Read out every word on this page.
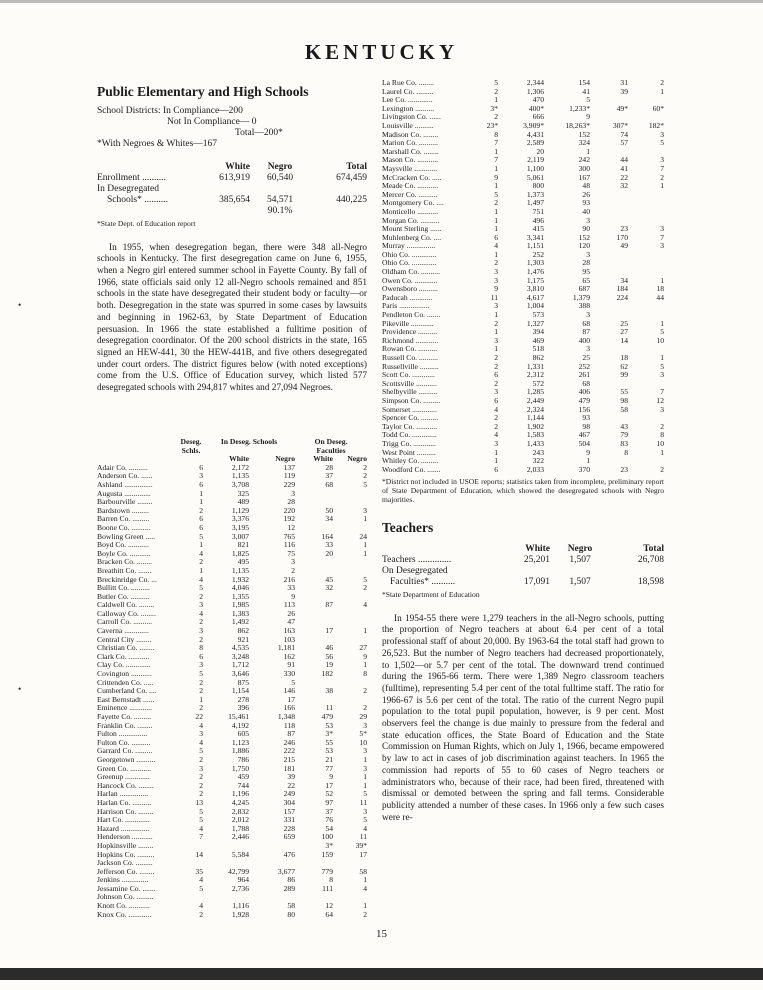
KENTUCKY
Public Elementary and High Schools
School Districts: In Compliance—200
Not In Compliance— 0
Total—200*
*With Negroes & Whites—167
	White	Negro	Total
Enrollment ..........	613,919	60,540	674,459
In Desegregated			
Schools* ..........	385,654	54,571	440,225
		90.1%	
*State Dept. of Education report

In 1955, when desegregation began, there were 348 all-Negro schools in Kentucky. The first desegregation came on June 6, 1955, when a Negro girl entered summer school in Fayette County. By fall of 1966, state officials said only 12 all-Negro schools remained and 851 schools in the state have desegregated their student body or faculty—or both. Desegregation in the state was spurred in some cases by lawsuits and beginning in 1962-63, by State Department of Education persuasion. In 1966 the state established a fulltime position of desegregation coordinator. Of the 200 school districts in the state, 165 signed an HEW-441, 30 the HEW-441B, and five others desegregated under court orders. The district figures below (with noted exceptions) come from the U.S. Office of Education survey, which listed 577 desegregated schools with 294,817 whites and 27,094 Negroes.

	Deseg.	In Deseg. Schools		On Deseg.	
	Schls.			Faculties	
		White	Negro	White	Negro
Adair Co. ..........	6	2,172	137	28	2
Anderson Co. ......	3	1,135	119	37	2
Ashland ...............	6	3,708	229	68	5
Augusta ..............	1	325	3		
Barbourville ........	1	489	28		
Bardstown .........	2	1,129	220	50	3
Barren Co. .........	6	3,376	192	34	1
Boone Co. ..........	6	3,195	12		
Bowling Green .....	5	3,007	765	164	24
Boyd Co. ...........	1	821	116	33	1
Boyle Co. ...........	4	1,825	75	20	1
Bracken Co. ........	2	495	3		
Breathitt Co. .......	1	1,135	2		
Breckinridge Co. ...	4	1,932	216	45	5
Bullitt Co. ..........	5	4,046	33	32	2
Butler Co. ..........	2	1,355	9		
Caldwell Co. ........	3	1,985	113	87	4
Calloway Co. ........	4	1,383	26		
Carroll Co. ..........	2	1,492	47		
Caverna .............	3	862	163	17	1
Central City ........	2	921	103		
Christian Co. ........	8	4,535	1,181	46	27
Clark Co. ...........	6	3,248	162	56	9
Clay Co. .............	3	1,712	91	19	1
Covington ...........	5	3,646	330	182	8
Crittenden Co. .....	2	875	5		
Cumberland Co. ....	2	1,154	146	38	2
East Bernstadt ......	1	278	17		
Eminence ............	2	396	166	11	2
Fayette Co. .........	22	15,461	1,348	479	29
Franklin Co. ........	4	4,192	118	53	3
Fulton ...............	3	605	87	3*	5*
Fulton Co. ..........	4	1,123	246	55	10
Garrard Co. .........	5	1,886	222	53	3
Georgetown ..........	2	786	215	21	1
Green Co. ...........	3	1,750	181	77	3
Greenup .............	2	459	39	9	1
Hancock Co. ........	2	744	22	17	1
Harlan ...............	2	1,196	249	52	5
Harlan Co. ..........	13	4,245	304	97	11
Harrison Co. ........	5	2,832	157	37	3
Hart Co. .............	5	2,012	331	76	5
Hazard ...............	4	1,788	228	54	4
Henderson ...........	7	2,446	659	100	11
Hopkinsville ........				3*	39*
Hopkins Co. .........	14	5,584	476	159	17
Jackson Co. .........					
Jefferson Co. ........	35	42,799	3,677	779	58
Jenkins ..............	4	964	86	8	1
Jessamine Co. .......	5	2,736	289	111	4
Johnson Co. .........					
Knott Co. ...........	4	1,116	58	12	1
Knox Co. ............	2	1,928	80	64	2
La Rue Co. ........	5	2,344	154	31	2
Laurel Co. .........	2	1,306	41	39	1
Lee Co. .............	1	470	5		
Lexington ..........	3*	400*	1,233*	49*	60*
Livingston Co. ......	2	666	9		
Louisville ..........	23*	3,909*	18,263*	307*	182*
Madison Co. ........	8	4,431	152	74	3
Marion Co. ..........	7	2,589	324	57	5
Marshall Co. ........	1	20	1		
Mason Co. ...........	7	2,119	242	44	3
Maysville ............	1	1,100	300	41	7
McCracken Co. .....	9	5,061	167	22	2
Meade Co. ...........	1	800	48	32	1
Mercer Co. ..........	5	1,373	26		
Montgomery Co. ....	2	1,497	93		
Monticello ...........	1	751	40		
Morgan Co. ..........	1	496	3		
Mount Sterling ......	1	415	90	23	3
Muhlenberg Co. ....	6	3,341	152	170	7
Murray ...............	4	1,151	120	49	3
Ohio Co. .............	1	252	3		
Ohio Co. .............	2	1,303	28		
Oldham Co. ..........	3	1,476	95		
Owen Co. ............	3	1,175	65	34	1
Owensboro ..........	9	3,810	687	184	18
Paducah ............	11	4,617	1,379	224	44
Paris ................	3	1,004	388		
Pendleton Co. .......	1	573	3		
Pikeville ............	2	1,327	68	25	1
Providence ..........	1	394	87	27	5
Richmond ............	3	469	400	14	10
Rowan Co. ..........	1	518	3		
Russell Co. ..........	2	862	25	18	1
Russellville ..........	2	1,331	252	62	5
Scott Co. ............	6	2,312	261	99	3
Scottsville ...........	2	572	68		
Shelbyville ..........	3	1,285	406	55	7
Simpson Co. .........	6	2,449	479	98	12
Somerset .............	4	2,324	156	58	3
Spencer Co. .........	2	1,144	93		
Taylor Co. ...........	2	1,902	98	43	2
Todd Co. .............	4	1,583	467	79	8
Trigg Co. ............	3	1,433	504	83	10
West Point ..........	1	243	9	8	1
Whitley Co. .........	1	322	1		
Woodford Co. .......	6	2,033	370	23	2
*District not included in USOE reports; statistics taken from incomplete, preliminary report of State Department of Education, which showed the desegregated schools with Negro majorities.
Teachers
	White	Negro	Total
Teachers ..............	25,201	1,507	26,708
On Desegregated			
Faculties* ..........	17,091	1,507	18,598
*State Department of Education

In 1954-55 there were 1,279 teachers in the all-Negro schools, putting the proportion of Negro teachers at about 6.4 per cent of a total professional staff of about 20,000. By 1963-64 the total staff had grown to 26,523. But the number of Negro teachers had decreased proportionately, to 1,502—or 5.7 per cent of the total. The downward trend continued during the 1965-66 term. There were 1,389 Negro classroom teachers (fulltime), representing 5.4 per cent of the total fulltime staff. The ratio for 1966-67 is 5.6 per cent of the total. The ratio of the current Negro pupil population to the total pupil population, however, is 9 per cent. Most observers feel the change is due mainly to pressure from the federal and state education offices, the State Board of Education and the State Commission on Human Rights, which on July 1, 1966, became empowered by law to act in cases of job discrimination against teachers. In 1965 the commission had reports of 55 to 60 cases of Negro teachers or administrators who, because of their race, had been fired, threatened with dismissal or demoted between the spring and fall terms. Considerable publicity attended a number of these cases. In 1966 only a few such cases were re-

•
•
15
